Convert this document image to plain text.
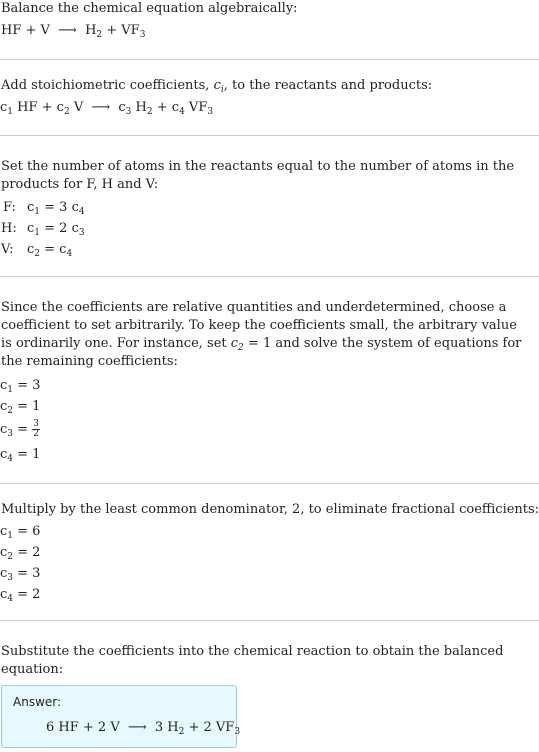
Balance the chemical equation algebraically:
HF + V  ⟶  $H_2 + VF_3$
Add stoichiometric coefficients, $c_i$, to the reactants and products:
$c_1$ HF + $c_2$ V  ⟶  $c_3$ $H_2 + c_4$ $VF_3$
Set the number of atoms in the reactants equal to the number of atoms in the products for F, H and V:
F:	$c_1 = 3$ $c_4$
H:	$c_1 = 2$ $c_3$
V:	$c_2 = c_4$
Since the coefficients are relative quantities and underdetermined, choose a coefficient to set arbitrarily. To keep the coefficients small, the arbitrary value is ordinarily one. For instance, set $c_2 = 1$ and solve the system of equations for the remaining coefficients:
$c_1 = 3$
$c_2 = 1$
$c_3 = \frac{3}{2}$
$c_4 = 1$
Multiply by the least common denominator, 2, to eliminate fractional coefficients:
$c_1 = 6$
$c_2 = 2$
$c_3 = 3$
$c_4 = 2$
Substitute the coefficients into the chemical reaction to obtain the balanced equation:
Answer:
6 HF + 2 V  ⟶  3 $H_2 + 2$ $VF_3$
